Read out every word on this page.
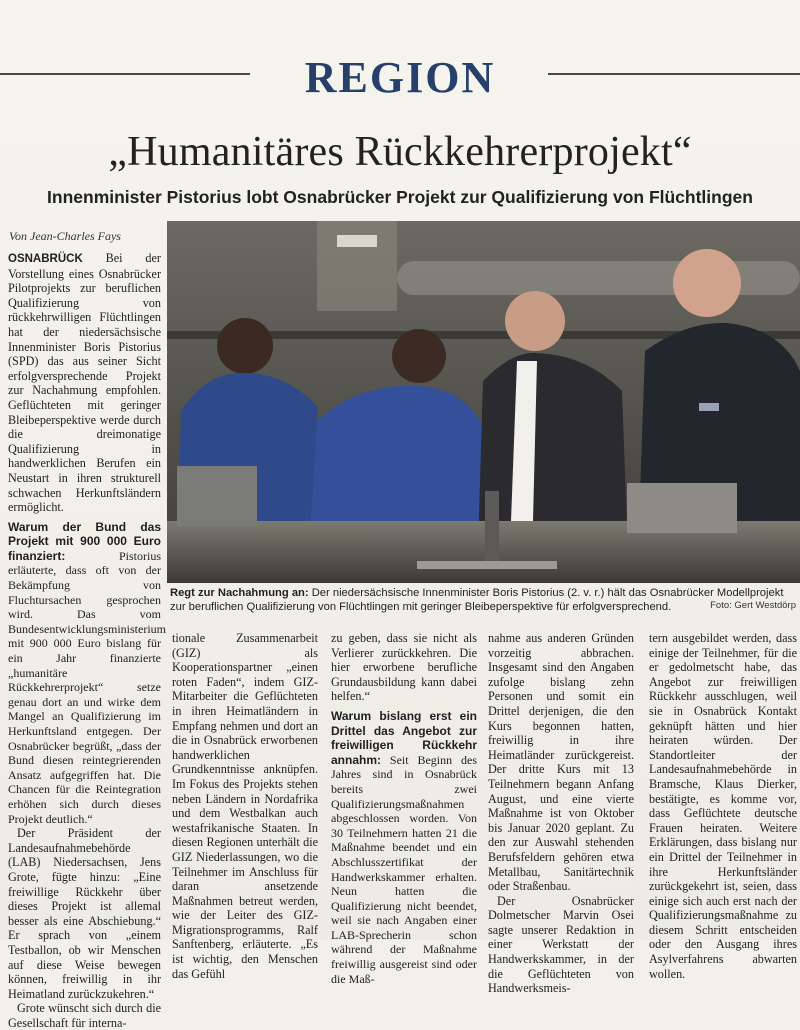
REGION
„Humanitäres Rückkehrerprojekt“
Innenminister Pistorius lobt Osnabrücker Projekt zur Qualifizierung von Flüchtlingen
Von Jean-Charles Fays
Regt zur Nachahmung an: Der niedersächsische Innenminister Boris Pistorius (2. v. r.) hält das Osnabrücker Modellprojekt zur beruflichen Qualifizierung von Flüchtlingen mit geringer Bleibeperspektive für erfolgversprechend.	Foto: Gert Westdörp

OSNABRÜCK Bei der Vorstellung eines Osnabrücker Pilotprojekts zur beruflichen Qualifizierung von rückkehrwilligen Flüchtlingen hat der niedersächsische Innenminister Boris Pistorius (SPD) das aus seiner Sicht erfolgversprechende Projekt zur Nachahmung empfohlen. Geflüchteten mit geringer Bleibeperspektive werde durch die dreimonatige Qualifizierung in handwerklichen Berufen ein Neustart in ihren strukturell schwachen Herkunftsländern ermöglicht.

Warum der Bund das Projekt mit 900 000 Euro finanziert: Pistorius erläuterte, dass oft von der Bekämpfung von Fluchtursachen gesprochen wird. Das vom Bundesentwicklungsministerium mit 900 000 Euro bislang für ein Jahr finanzierte „humanitäre Rückkehrerprojekt“ setze genau dort an und wirke dem Mangel an Qualifizierung im Herkunftsland entgegen. Der Osnabrücker begrüßt, „dass der Bund diesen reintegrierenden Ansatz aufgegriffen hat. Die Chancen für die Reintegration erhöhen sich durch dieses Projekt deutlich.“

Der Präsident der Landesaufnahmebehörde (LAB) Niedersachsen, Jens Grote, fügte hinzu: „Eine freiwillige Rückkehr über dieses Projekt ist allemal besser als eine Abschiebung.“ Er sprach von „einem Testballon, ob wir Menschen auf diese Weise bewegen können, freiwillig in ihr Heimatland zurückzukehren.“

Grote wünscht sich durch die Gesellschaft für interna-

tionale Zusammenarbeit (GIZ) als Kooperationspartner „einen roten Faden“, indem GIZ-Mitarbeiter die Geflüchteten in ihren Heimatländern in Empfang nehmen und dort an die in Osnabrück erworbenen handwerklichen Grundkenntnisse anknüpfen. Im Fokus des Projekts stehen neben Ländern in Nordafrika und dem Westbalkan auch westafrikanische Staaten. In diesen Regionen unterhält die GIZ Niederlassungen, wo die Teilnehmer im Anschluss für daran ansetzende Maßnahmen betreut werden, wie der Leiter des GIZ-Migrationsprogramms, Ralf Sanftenberg, erläuterte. „Es ist wichtig, den Menschen das Gefühl

zu geben, dass sie nicht als Verlierer zurückkehren. Die hier erworbene berufliche Grundausbildung kann dabei helfen.“

Warum bislang erst ein Drittel das Angebot zur freiwilligen Rückkehr annahm: Seit Beginn des Jahres sind in Osnabrück bereits zwei Qualifizierungsmaßnahmen abgeschlossen worden. Von 30 Teilnehmern hatten 21 die Maßnahme beendet und ein Abschlusszertifikat der Handwerkskammer erhalten. Neun hatten die Qualifizierung nicht beendet, weil sie nach Angaben einer LAB-Sprecherin schon während der Maßnahme freiwillig ausgereist sind oder die Maß-

nahme aus anderen Gründen vorzeitig abbrachen. Insgesamt sind den Angaben zufolge bislang zehn Personen und somit ein Drittel derjenigen, die den Kurs begonnen hatten, freiwillig in ihre Heimatländer zurückgereist. Der dritte Kurs mit 13 Teilnehmern begann Anfang August, und eine vierte Maßnahme ist von Oktober bis Januar 2020 geplant. Zu den zur Auswahl stehenden Berufsfeldern gehören etwa Metallbau, Sanitärtechnik oder Straßenbau.

Der Osnabrücker Dolmetscher Marvin Osei sagte unserer Redaktion in einer Werkstatt der Handwerkskammer, in der die Geflüchteten von Handwerksmeis-

tern ausgebildet werden, dass einige der Teilnehmer, für die er gedolmetscht habe, das Angebot zur freiwilligen Rückkehr ausschlugen, weil sie in Osnabrück Kontakt geknüpft hätten und hier heiraten würden. Der Standortleiter der Landesaufnahmebehörde in Bramsche, Klaus Dierker, bestätigte, es komme vor, dass Geflüchtete deutsche Frauen heiraten. Weitere Erklärungen, dass bislang nur ein Drittel der Teilnehmer in ihre Herkunftsländer zurückgekehrt ist, seien, dass einige sich auch erst nach der Qualifizierungsmaßnahme zu diesem Schritt entscheiden oder den Ausgang ihres Asylverfahrens abwarten wollen.
